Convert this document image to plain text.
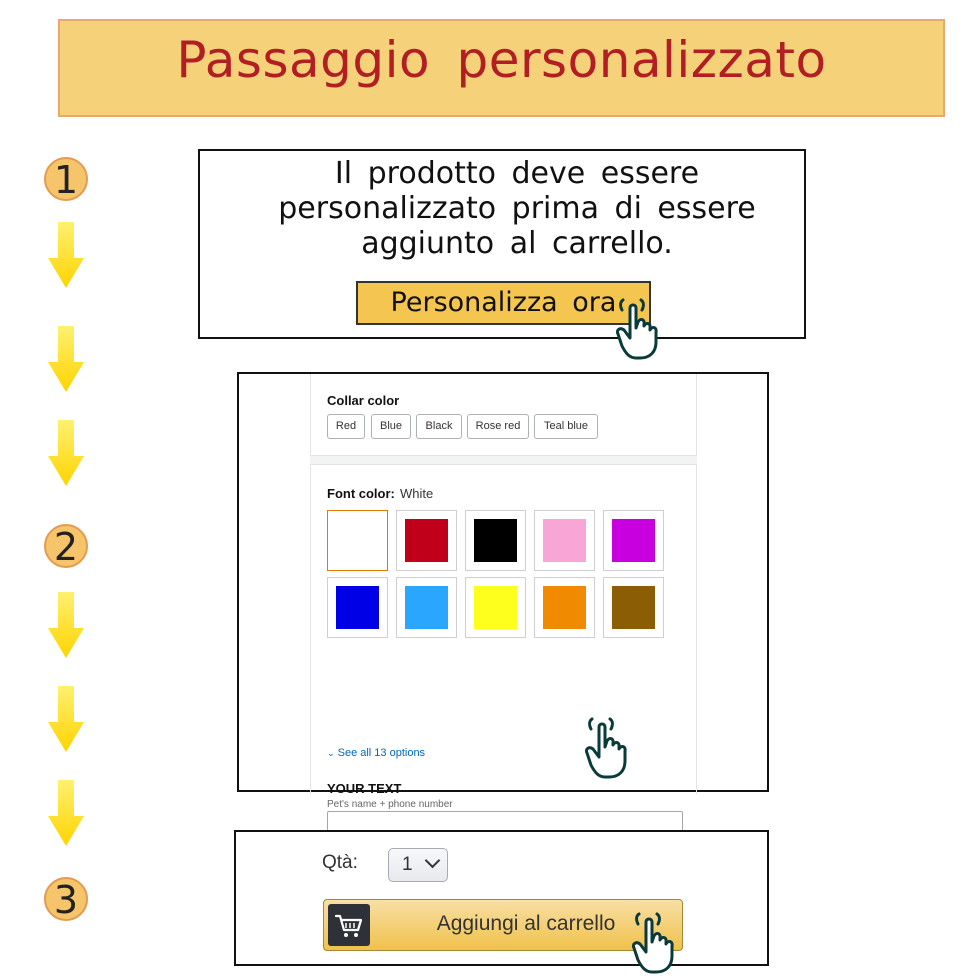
Passaggio personalizzato
1
2
3
Il prodotto deve essere
personalizzato prima di essere
aggiunto al carrello.
Personalizza ora
Collar color
Red	Blue	Black	Rose red	Teal blue
Font color: White
⌄ See all 13 options
YOUR TEXT
Pet's name + phone number
Qtà:	1
Aggiungi al carrello
